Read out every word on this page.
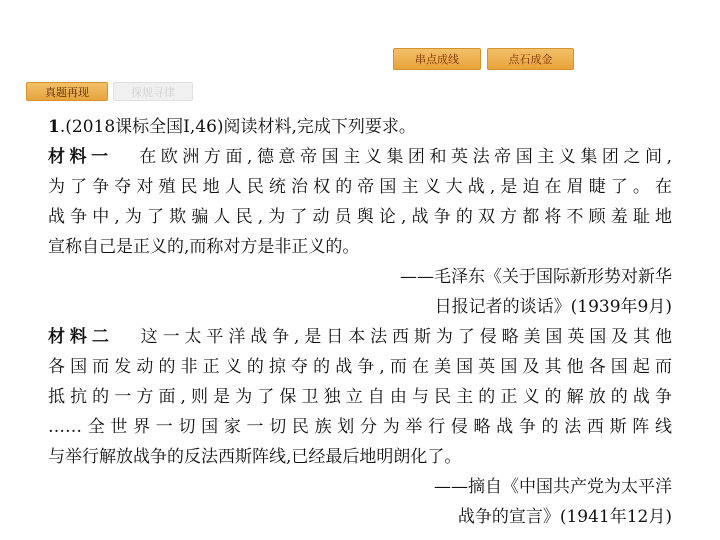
串点成线	点石成金
真题再现	探规寻律
1.(2018课标全国Ⅰ,46)阅读材料,完成下列要求。
材料一 在欧洲方面,德意帝国主义集团和英法帝国主义集团之间,
为了争夺对殖民地人民统治权的帝国主义大战,是迫在眉睫了。在
战争中,为了欺骗人民,为了动员舆论,战争的双方都将不顾羞耻地
宣称自己是正义的,而称对方是非正义的。
——毛泽东《关于国际新形势对新华
日报记者的谈话》(1939年9月)
材料二 这一太平洋战争,是日本法西斯为了侵略美国英国及其他
各国而发动的非正义的掠夺的战争,而在美国英国及其他各国起而
抵抗的一方面,则是为了保卫独立自由与民主的正义的解放的战争
……全世界一切国家一切民族划分为举行侵略战争的法西斯阵线
与举行解放战争的反法西斯阵线,已经最后地明朗化了。
——摘自《中国共产党为太平洋
战争的宣言》(1941年12月)
